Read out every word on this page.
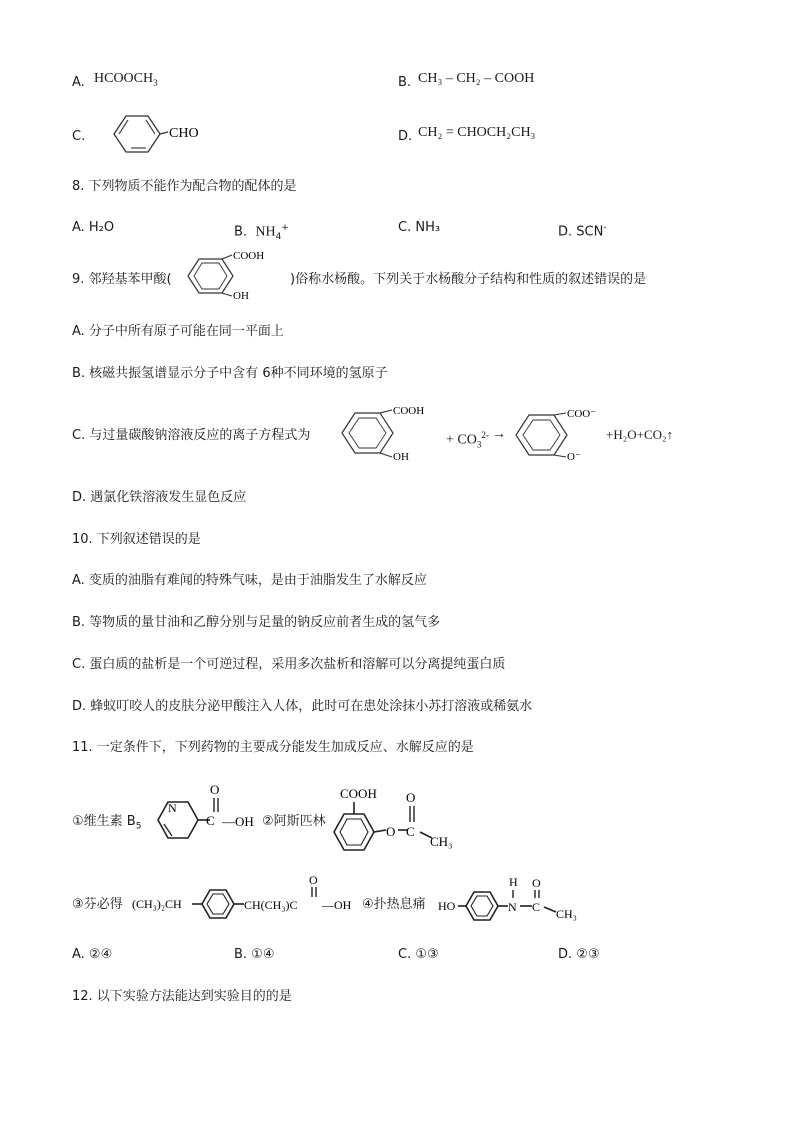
A. $HCOOCH_3$	B. CH₃ – CH₂ – COOH
C.	CHO	D. CH₂ = CHOCH₂CH₃
8. 下列物质不能作为配合物的配体的是
A. H₂O	B. $NH_4^+$	C. NH₃	D. SCN-
9. 邻羟基苯甲酸(
COOH
OH
)俗称水杨酸。下列关于水杨酸分子结构和性质的叙述错误的是
A. 分子中所有原子可能在同一平面上
B. 核磁共振氢谱显示分子中含有 6种不同环境的氢原子
C. 与过量碳酸钠溶液反应的离子方程式为
COOH
OH
+ $CO_3^{2-}$ →
COO⁻
O⁻
+H₂O+CO₂↑
D. 遇氯化铁溶液发生显色反应
10. 下列叙述错误的是
A. 变质的油脂有难闻的特殊气味，是由于油脂发生了水解反应
B. 等物质的量甘油和乙醇分别与足量的钠反应前者生成的氢气多
C. 蛋白质的盐析是一个可逆过程，采用多次盐析和溶解可以分离提纯蛋白质
D. 蜂蚁叮咬人的皮肤分泌甲酸注入人体，此时可在患处涂抹小苏打溶液或稀氨水
11. 一定条件下，下列药物的主要成分能发生加成反应、水解反应的是
①维生素 $B_5$
N
C
O
—OH ②阿斯匹林
COOH
O C
O
CH₃
③芬必得 (CH₃)₂CH	CH(CH₃)C
O
—OH ④扑热息痛 HO	N
H
C
O
CH₃
A. ②④	B. ①④	C. ①③	D. ②③
12. 以下实验方法能达到实验目的的是
